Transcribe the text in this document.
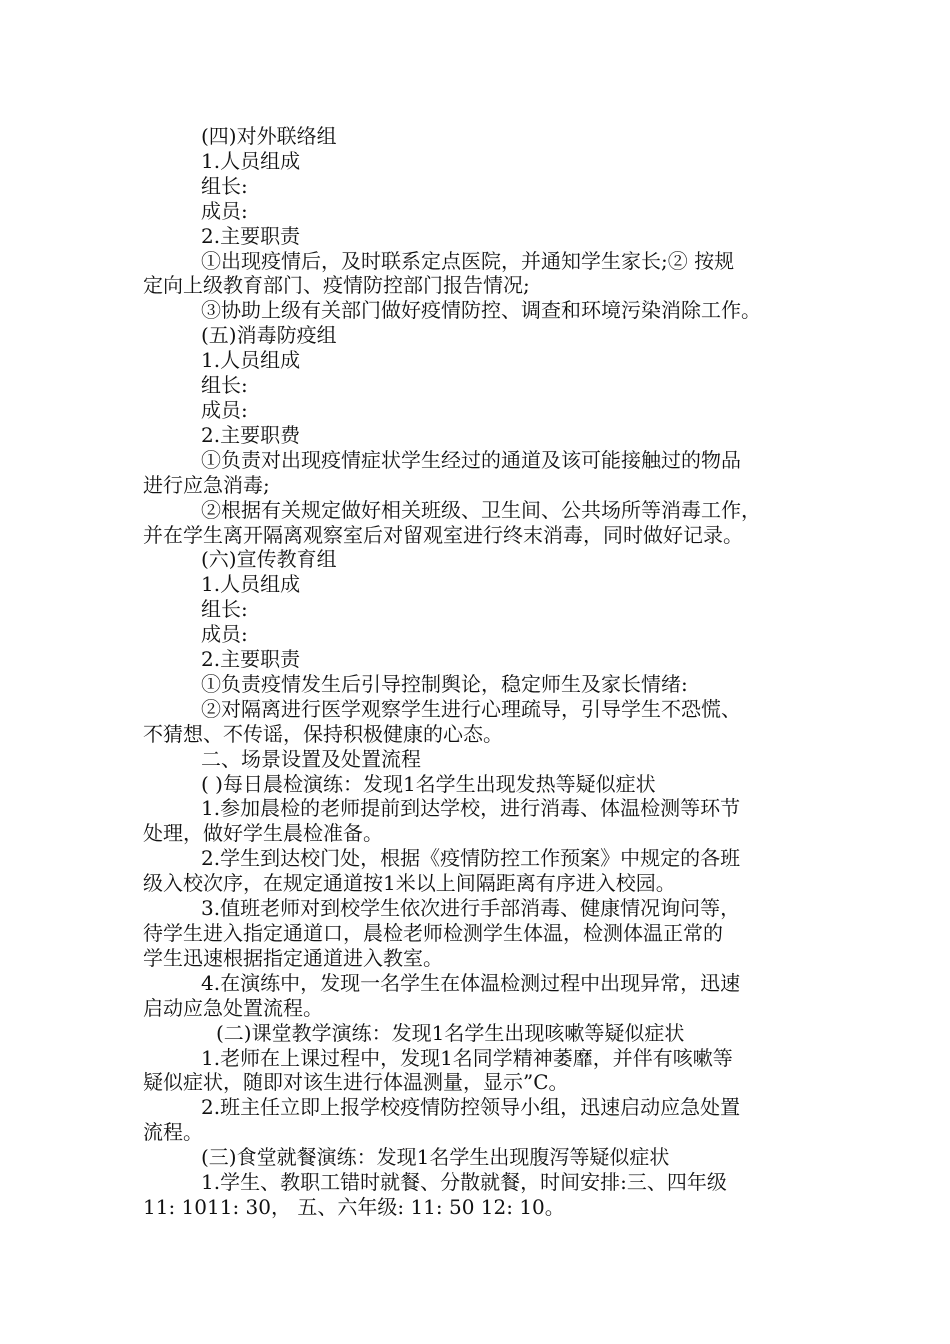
(四)对外联络组

1.人员组成

组长:

成员:

2.主要职责

①出现疫情后，及时联系定点医院，并通知学生家长;② 按规

定向上级教育部门、疫情防控部门报告情况;

③协助上级有关部门做好疫情防控、调查和环境污染消除工作。

(五)消毒防疫组

1.人员组成

组长:

成员:

2.主要职费

①负责对出现疫情症状学生经过的通道及该可能接触过的物品

进行应急消毒;

②根据有关规定做好相关班级、卫生间、公共场所等消毒工作，

并在学生离开隔离观察室后对留观室进行终末消毒，同时做好记录。

(六)宣传教育组

1.人员组成

组长:

成员:

2.主要职责

①负责疫情发生后引导控制舆论，稳定师生及家长情绪:

②对隔离进行医学观察学生进行心理疏导，引导学生不恐慌、

不猜想、不传谣，保持积极健康的心态。

二、场景设置及处置流程

( )每日晨检演练：发现1名学生出现发热等疑似症状

1.参加晨检的老师提前到达学校，进行消毒、体温检测等环节

处理，做好学生晨检准备。

2.学生到达校门处，根据《疫情防控工作预案》中规定的各班

级入校次序，在规定通道按1米以上间隔距离有序进入校园。

3.值班老师对到校学生依次进行手部消毒、健康情况询问等，

待学生进入指定通道口，晨检老师检测学生体温，检测体温正常的

学生迅速根据指定通道进入教室。

4.在演练中，发现一名学生在体温检测过程中出现异常，迅速

启动应急处置流程。

(二)课堂教学演练：发现1名学生出现咳嗽等疑似症状

1.老师在上课过程中，发现1名同学精神萎靡，并伴有咳嗽等

疑似症状，随即对该生进行体温测量，显示”C。

2.班主任立即上报学校疫情防控领导小组，迅速启动应急处置

流程。

(三)食堂就餐演练：发现1名学生出现腹泻等疑似症状

1.学生、教职工错时就餐、分散就餐，时间安排:三、四年级

11: 1011: 30， 五、六年级: 11: 50 12: 10。
